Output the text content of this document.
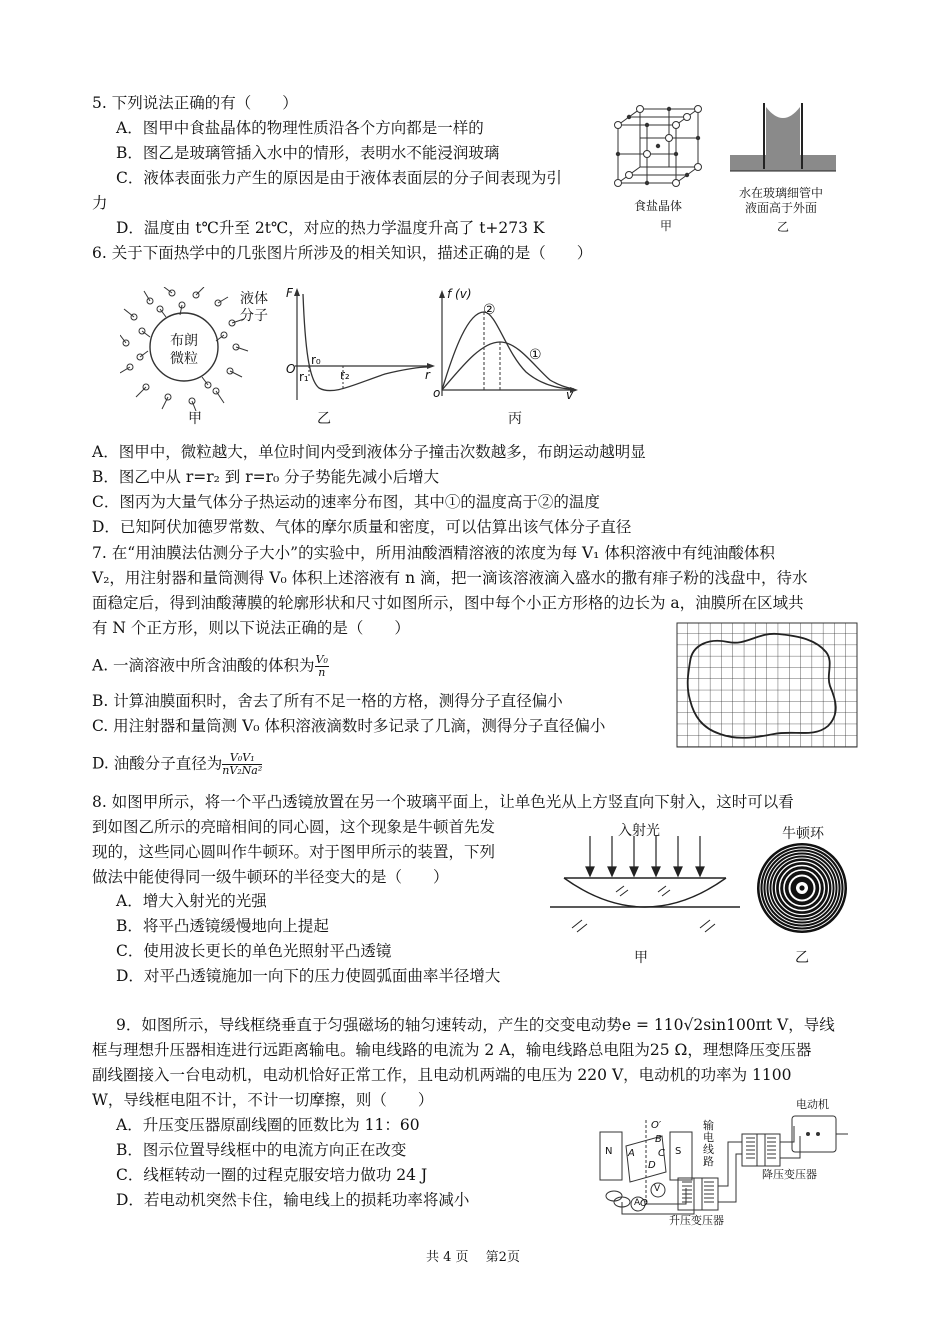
5. 下列说法正确的有（　　）
A．图甲中食盐晶体的物理性质沿各个方向都是一样的
B．图乙是玻璃管插入水中的情形，表明水不能浸润玻璃
C．液体表面张力产生的原因是由于液体表面层的分子间表现为引
力
D．温度由 t℃升至 2t℃，对应的热力学温度升高了 t+273 K
食盐晶体
甲
水在玻璃细管中
液面高于外面
乙
6. 关于下面热学中的几张图片所涉及的相关知识，描述正确的是（　　）
液体
分子
布朗
微粒
甲
F
r
O
r₀
r₁	r₂
乙
f (v)
o	v
②
①
丙
A．图甲中，微粒越大，单位时间内受到液体分子撞击次数越多，布朗运动越明显
B．图乙中从 r=r₂ 到 r=r₀ 分子势能先减小后增大
C．图丙为大量气体分子热运动的速率分布图，其中①的温度高于②的温度
D．已知阿伏加德罗常数、气体的摩尔质量和密度，可以估算出该气体分子直径
7. 在“用油膜法估测分子大小”的实验中，所用油酸酒精溶液的浓度为每 V₁ 体积溶液中有纯油酸体积
V₂，用注射器和量筒测得 V₀ 体积上述溶液有 n 滴，把一滴该溶液滴入盛水的撒有痱子粉的浅盘中，待水
面稳定后，得到油酸薄膜的轮廓形状和尺寸如图所示，图中每个小正方形格的边长为 a，油膜所在区域共
有 N 个正方形，则以下说法正确的是（　　）
A. 一滴溶液中所含油酸的体积为 $\frac{\text{V₀}}{n}$
B. 计算油膜面积时，舍去了所有不足一格的方格，测得分子直径偏小
C. 用注射器和量筒测 V₀ 体积溶液滴数时多记录了几滴，测得分子直径偏小
D. 油酸分子直径为 $\frac{\text{V₀V₁}}{\text{nV₂Na²}}$
8. 如图甲所示，将一个平凸透镜放置在另一个玻璃平面上，让单色光从上方竖直向下射入，这时可以看
到如图乙所示的亮暗相间的同心圆，这个现象是牛顿首先发
现的，这些同心圆叫作牛顿环。对于图甲所示的装置，下列
做法中能使得同一级牛顿环的半径变大的是（　　）
A．增大入射光的光强
B．将平凸透镜缓慢地向上提起
C．使用波长更长的单色光照射平凸透镜
D．对平凸透镜施加一向下的压力使圆弧面曲率半径增大
入射光
甲
牛顿环
乙
9．如图所示，导线框绕垂直于匀强磁场的轴匀速转动，产生的交变电动势e = 110√2sin100πt V，导线
框与理想升压器相连进行远距离输电。输电线路的电流为 2 A，输电线路总电阻为25 Ω，理想降压变压器
副线圈接入一台电动机，电动机恰好正常工作，且电动机两端的电压为 220 V，电动机的功率为 1100
W，导线框电阻不计，不计一切摩擦，则（　　）
A．升压变压器原副线圈的匝数比为 11：60
B．图示位置导线框中的电流方向正在改变
C．线框转动一圈的过程克服安培力做功 24 J
D．若电动机突然卡住，输电线上的损耗功率将减小
电动机
输电线路
降压变压器
升压变压器
N	S
O′
O
A
B
C
D
V
A
共 4 页　 第2页
